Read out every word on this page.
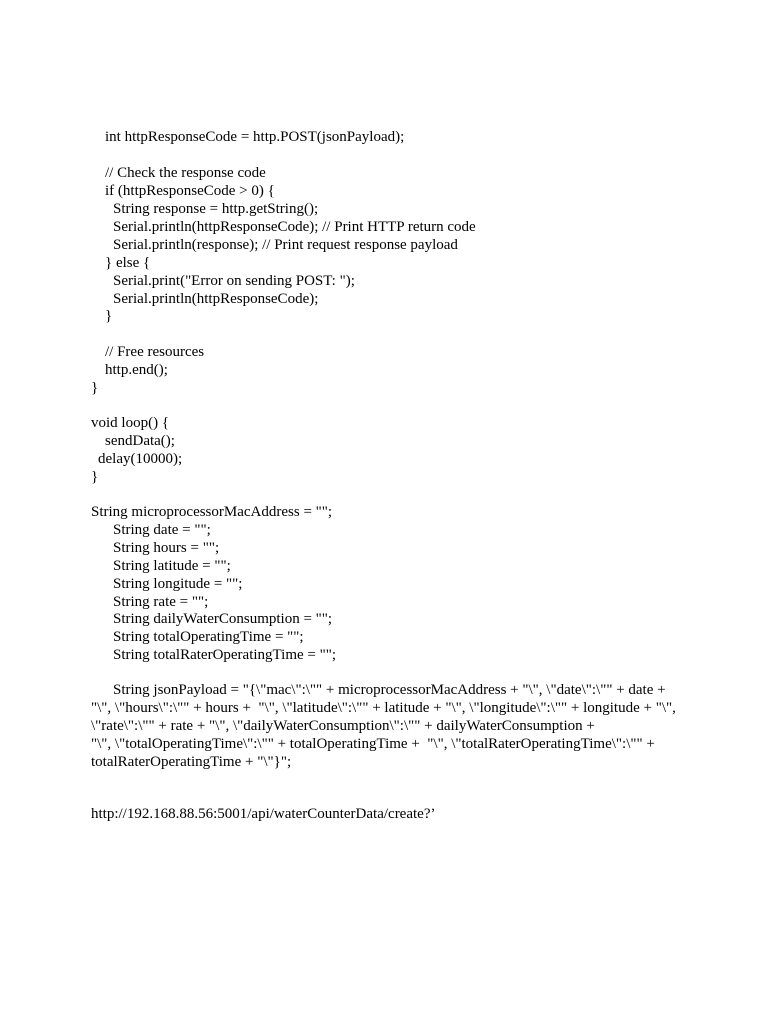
int httpResponseCode = http.POST(jsonPayload);

// Check the response code

if (httpResponseCode > 0) {

String response = http.getString();

Serial.println(httpResponseCode); // Print HTTP return code

Serial.println(response); // Print request response payload

} else {

Serial.print("Error on sending POST: ");

Serial.println(httpResponseCode);

}

// Free resources

http.end();

}

void loop() {

sendData();

delay(10000);

}

String microprocessorMacAddress = "";

String date = "";

String hours = "";

String latitude = "";

String longitude = "";

String rate = "";

String dailyWaterConsumption = "";

String totalOperatingTime = "";

String totalRaterOperatingTime = "";

String jsonPayload = "{\"mac\":\"" + microprocessorMacAddress + "\", \"date\":\"" + date +

"\", \"hours\":\"" + hours +  "\", \"latitude\":\"" + latitude + "\", \"longitude\":\"" + longitude + "\",

\"rate\":\"" + rate + "\", \"dailyWaterConsumption\":\"" + dailyWaterConsumption +

"\", \"totalOperatingTime\":\"" + totalOperatingTime +  "\", \"totalRaterOperatingTime\":\"" +

totalRaterOperatingTime + "\"}";

http://192.168.88.56:5001/api/waterCounterData/create?’
